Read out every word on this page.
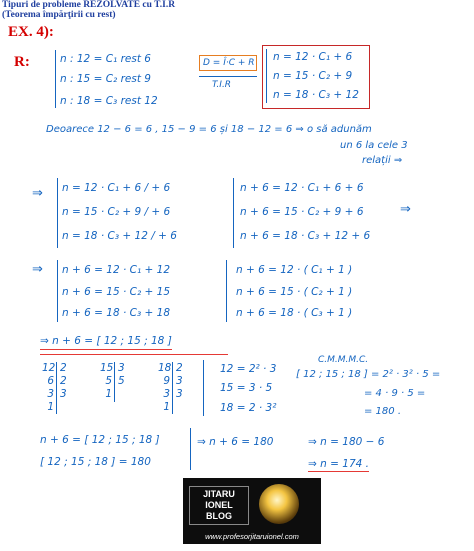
Tipuri de probleme REZOLVATE cu T.I.R
(Teorema împărţirii cu rest)
EX. 4):
R:	n : 12 = C₁ rest 6
n : 15 = C₂ rest 9
n : 18 = C₃ rest 12
D = Î·C + R
T.I.R
n = 12 · C₁ + 6
n = 15 · C₂ + 9
n = 18 · C₃ + 12
Deoarece 12 − 6 = 6 , 15 − 9 = 6 și 18 − 12 = 6 ⇒ o să adunăm
un 6 la cele 3
relații ⇒
⇒ n = 12 · C₁ + 6 / + 6
n = 15 · C₂ + 9 / + 6
n = 18 · C₃ + 12 / + 6
n + 6 = 12 · C₁ + 6 + 6
n + 6 = 15 · C₂ + 9 + 6
n + 6 = 18 · C₃ + 12 + 6
⇒
⇒ n + 6 = 12 · C₁ + 12
n + 6 = 15 · C₂ + 15
n + 6 = 18 · C₃ + 18
n + 6 = 12 · ( C₁ + 1 )
n + 6 = 15 · ( C₂ + 1 )
n + 6 = 18 · ( C₃ + 1 )
⇒ n + 6 = [ 12 ; 15 ; 18 ]
12
6
3
1
2
2
3
15
5
1
3
5
18
9
3
1
2
3
3
12 = 2² · 3
15 = 3 · 5
18 = 2 · 3²
C.M.M.M.C.
[ 12 ; 15 ; 18 ] = 2² · 3² · 5 =
= 4 · 9 · 5 =
= 180 .
n + 6 = [ 12 ; 15 ; 18 ]
[ 12 ; 15 ; 18 ] = 180
⇒ n + 6 = 180	⇒ n = 180 − 6
⇒ n = 174 .
JITARU
IONEL
BLOG
www.profesorjitaruionel.com
